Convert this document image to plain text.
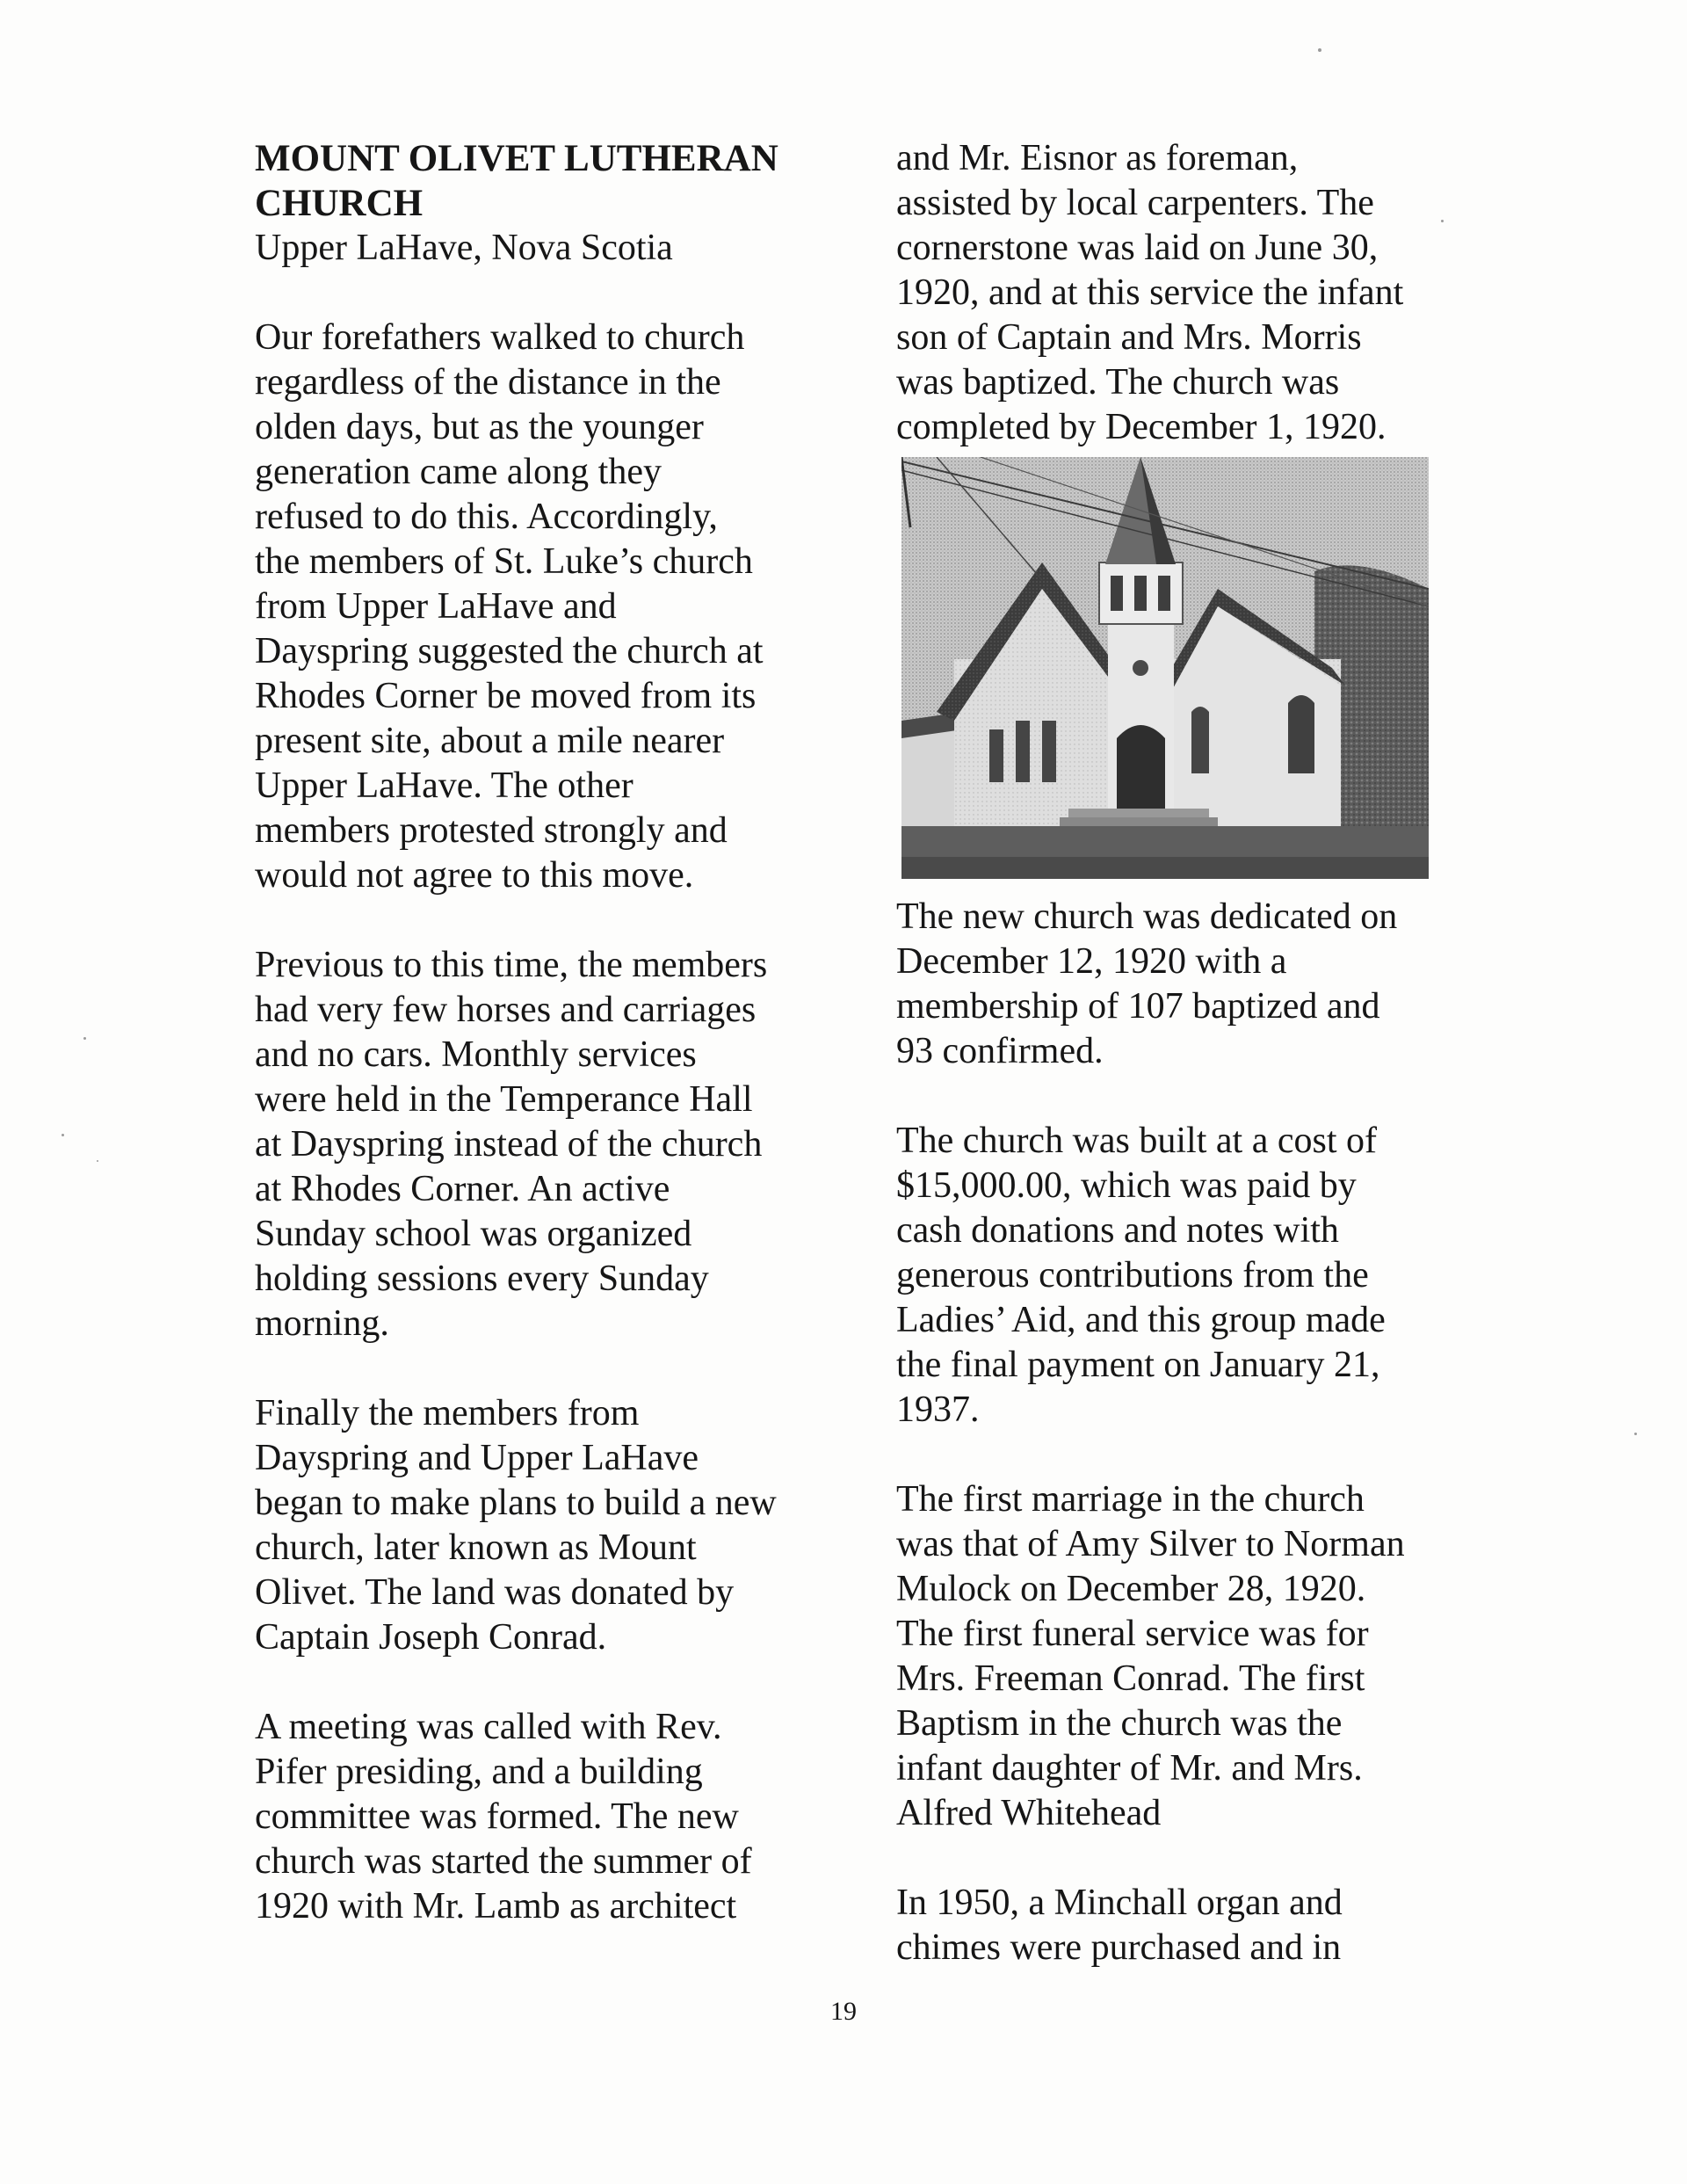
MOUNT OLIVET LUTHERAN
CHURCH
Upper LaHave, Nova Scotia
Our forefathers walked to church
regardless of the distance in the
olden days, but as the younger
generation came along they
refused to do this. Accordingly,
the members of St. Luke’s church
from Upper LaHave and
Dayspring suggested the church at
Rhodes Corner be moved from its
present site, about a mile nearer
Upper LaHave. The other
members protested strongly and
would not agree to this move.
Previous to this time, the members
had very few horses and carriages
and no cars. Monthly services
were held in the Temperance Hall
at Dayspring instead of the church
at Rhodes Corner. An active
Sunday school was organized
holding sessions every Sunday
morning.
Finally the members from
Dayspring and Upper LaHave
began to make plans to build a new
church, later known as Mount
Olivet. The land was donated by
Captain Joseph Conrad.
A meeting was called with Rev.
Pifer presiding, and a building
committee was formed. The new
church was started the summer of
1920 with Mr. Lamb as architect
and Mr. Eisnor as foreman,
assisted by local carpenters. The
cornerstone was laid on June 30,
1920, and at this service the infant
son of Captain and Mrs. Morris
was baptized. The church was
completed by December 1, 1920.
The new church was dedicated on
December 12, 1920 with a
membership of 107 baptized and
93 confirmed.
The church was built at a cost of
$15,000.00, which was paid by
cash donations and notes with
generous contributions from the
Ladies’ Aid, and this group made
the final payment on January 21,
1937.
The first marriage in the church
was that of Amy Silver to Norman
Mulock on December 28, 1920.
The first funeral service was for
Mrs. Freeman Conrad. The first
Baptism in the church was the
infant daughter of Mr. and Mrs.
Alfred Whitehead
In 1950, a Minchall organ and
chimes were purchased and in
19
